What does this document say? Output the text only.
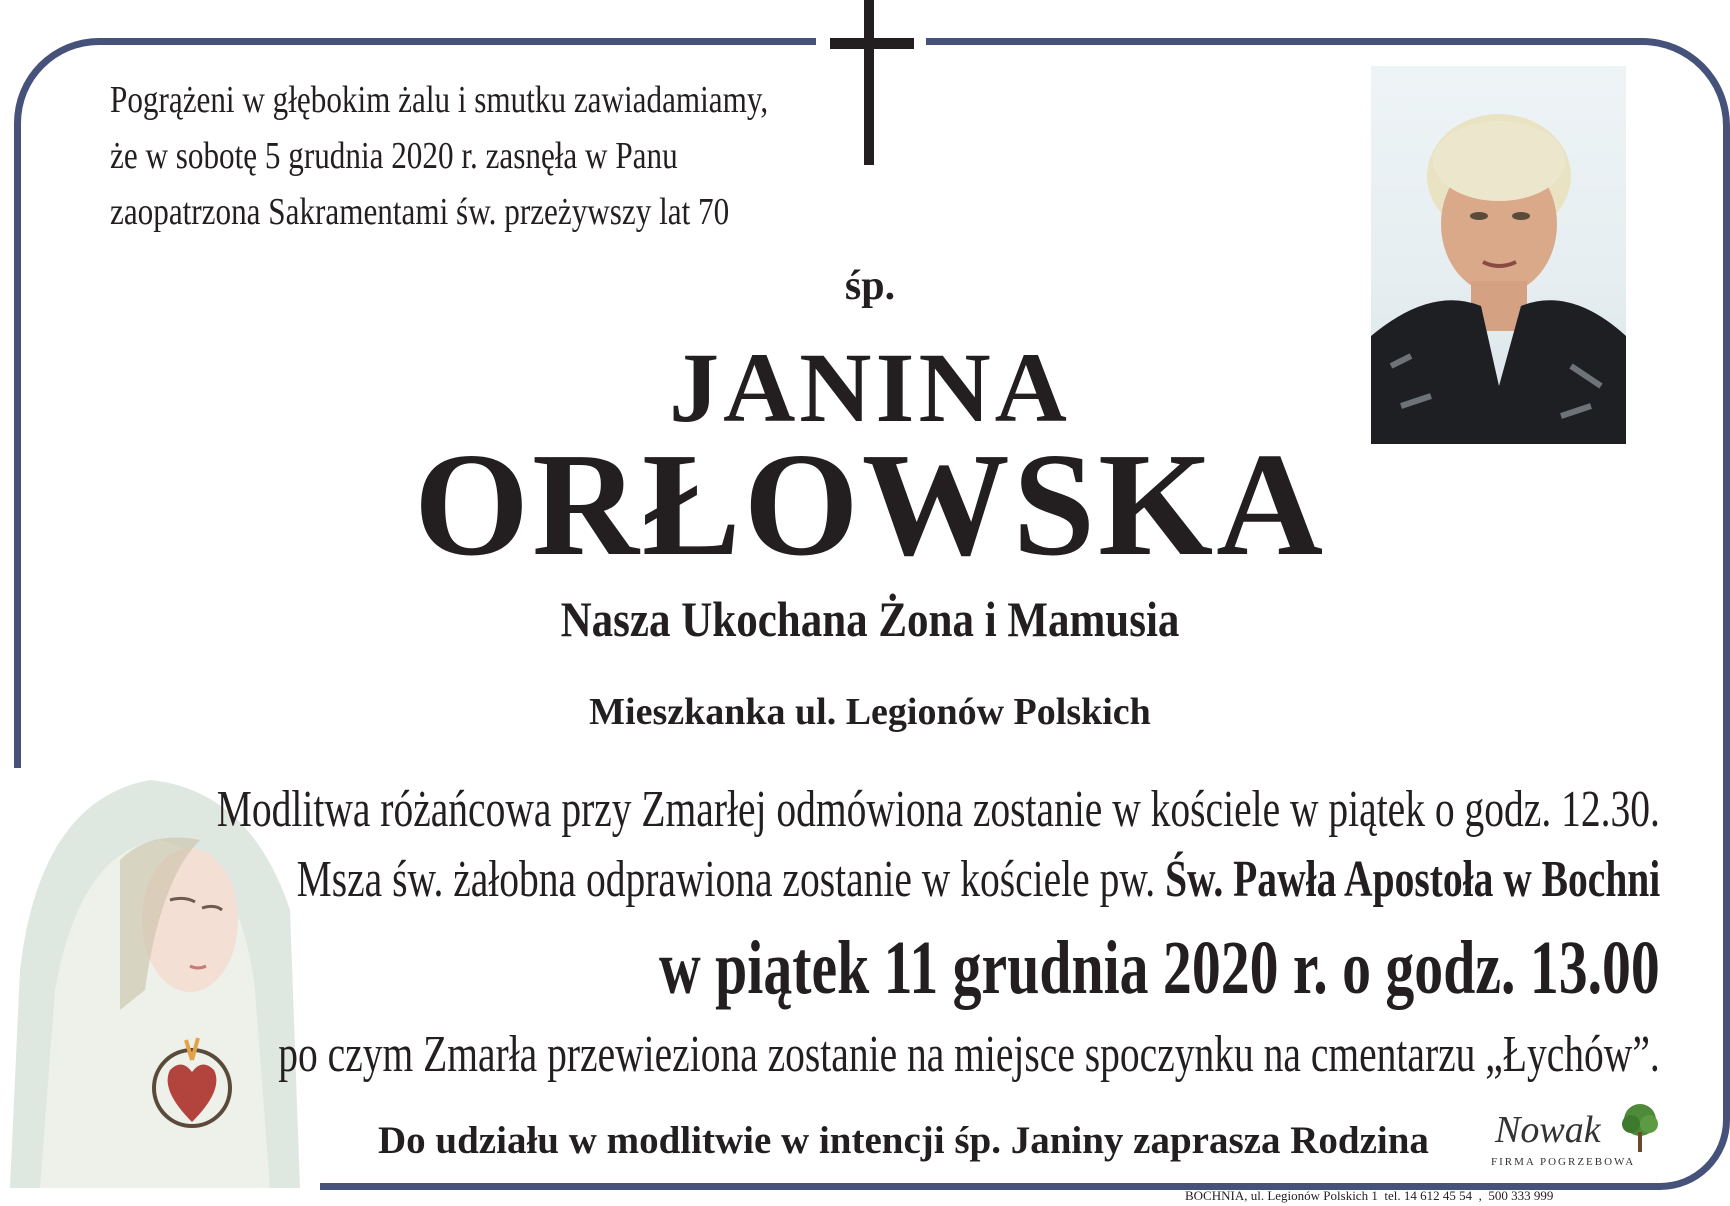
Pogrążeni w głębokim żalu i smutku zawiadamiamy,
że w sobotę 5 grudnia 2020 r. zasnęła w Panu
zaopatrzona Sakramentami św. przeżywszy lat 70
śp.
JANINA
ORŁOWSKA
Nasza Ukochana Żona i Mamusia
Mieszkanka ul. Legionów Polskich
Modlitwa różańcowa przy Zmarłej odmówiona zostanie w kościele w piątek o godz. 12.30.
Msza św. żałobna odprawiona zostanie w kościele pw. Św. Pawła Apostoła w Bochni
w piątek 11 grudnia 2020 r. o godz. 13.00
po czym Zmarła przewieziona zostanie na miejsce spoczynku na cmentarzu „Łychów”.
Do udziału w modlitwie w intencji śp. Janiny zaprasza Rodzina Nowak
FIRMA POGRZEBOWA
BOCHNIA, ul. Legionów Polskich 1  tel. 14 612 45 54  ,  500 333 999
